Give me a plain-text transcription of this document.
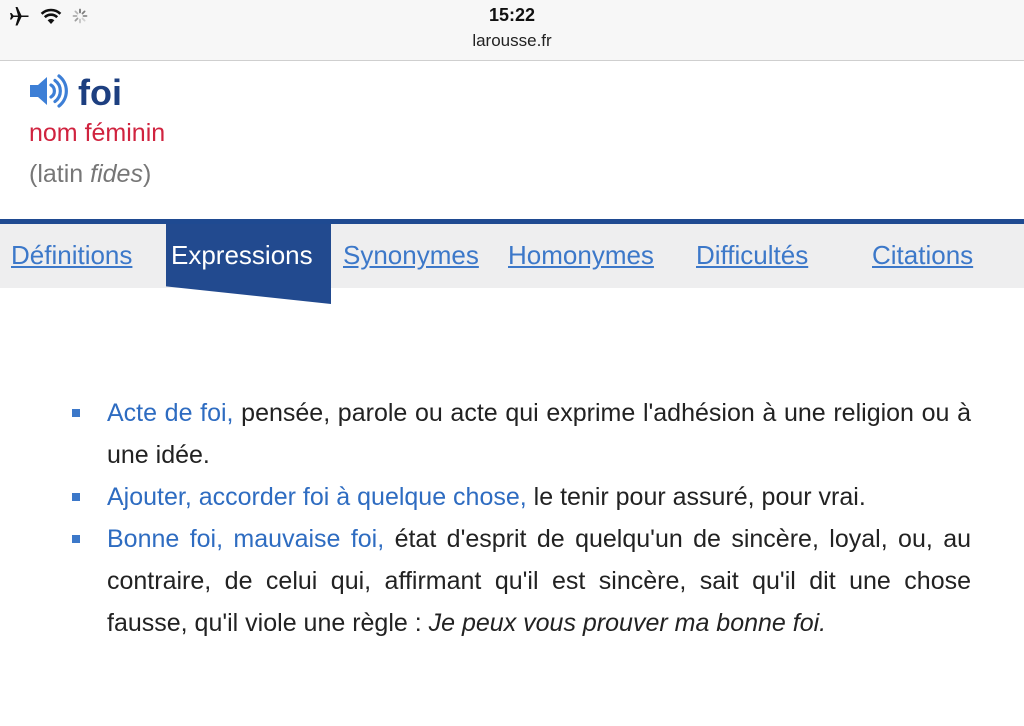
15:22
larousse.fr
foi
nom féminin
(latin fides)
Définitions	Synonymes Homonymes Difficultés Citations
Expressions
Acte de foi, pensée, parole ou acte qui exprime l'adhésion à une religion ou à une idée.
Ajouter, accorder foi à quelque chose, le tenir pour assuré, pour vrai.
Bonne foi, mauvaise foi, état d'esprit de quelqu'un de sincère, loyal, ou, au contraire, de celui qui, affirmant qu'il est sincère, sait qu'il dit une chose fausse, qu'il viole une règle : Je peux vous prouver ma bonne foi.
